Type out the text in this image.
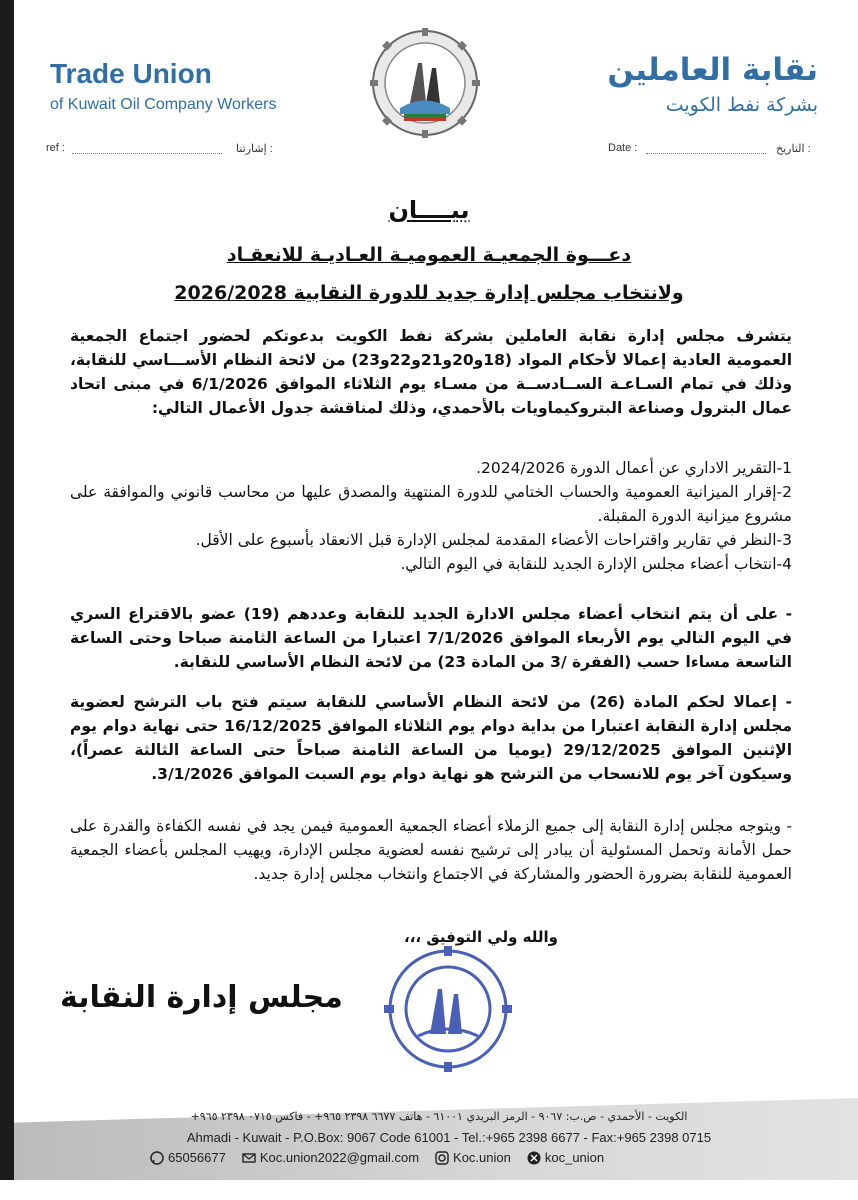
Trade Union
of Kuwait Oil Company Workers
نقابة العاملين
بشركة نفط الكويت
ref :	: إشارتنا	Date :	: التاريخ
بيــــان
دعـــوة الجمعيـة العموميـة العـاديـة للانعقـاد
ولانتخاب مجلس إدارة جديد للدورة النقابية 2026/2028
يتشرف مجلس إدارة نقابة العاملين بشركة نفط الكويت بدعوتكم لحضور اجتماع الجمعية العمومية العادية إعمالا لأحكام المواد (18و20و21و22و23) من لائحة النظام الأســـاسي للنقابة، وذلك في تمام السـاعـة الســادســة من مسـاء يوم الثلاثاء الموافق 6/1/2026 في مبنى اتحاد عمال البترول وصناعة البتروكيماويات بالأحمدي، وذلك لمناقشة جدول الأعمال التالي:

1-التقرير الاداري عن أعمال الدورة 2024/2026.

2-إقرار الميزانية العمومية والحساب الختامي للدورة المنتهية والمصدق عليها من محاسب قانوني والموافقة على مشروع ميزانية الدورة المقبلة.

3-النظر في تقارير واقتراحات الأعضاء المقدمة لمجلس الإدارة قبل الانعقاد بأسبوع على الأقل.

4-انتخاب أعضاء مجلس الإدارة الجديد للنقابة في اليوم التالي.

- على أن يتم انتخاب أعضاء مجلس الادارة الجديد للنقابة وعددهم (19) عضو بالاقتراع السري في اليوم التالي يوم الأربعاء الموافق 7/1/2026 اعتبارا من الساعة الثامنة صباحا وحتى الساعة التاسعة مساءا حسب (الفقرة /3 من المادة 23) من لائحة النظام الأساسي للنقابة.
- إعمالا لحكم المادة (26) من لائحة النظام الأساسي للنقابة سيتم فتح باب الترشح لعضوية مجلس إدارة النقابة اعتبارا من بداية دوام يوم الثلاثاء الموافق 16/12/2025 حتى نهاية دوام يوم الإثنين الموافق 29/12/2025 (يوميا من الساعة الثامنة صباحاً حتى الساعة الثالثة عصراً)، وسيكون آخر يوم للانسحاب من الترشح هو نهاية دوام يوم السبت الموافق 3/1/2026.
- ويتوجه مجلس إدارة النقابة إلى جميع الزملاء أعضاء الجمعية العمومية فيمن يجد في نفسه الكفاءة والقدرة على حمل الأمانة وتحمل المسئولية أن يبادر إلى ترشيح نفسه لعضوية مجلس الإدارة، ويهيب المجلس بأعضاء الجمعية العمومية للنقابة بضرورة الحضور والمشاركة في الاجتماع وانتخاب مجلس إدارة جديد.
والله ولي التوفيق ،،،
مجلس إدارة النقابة
الكويت - الأحمدي - ص.ب: ٩٠٦٧ - الرمز البريدي ٦١٠٠١ - هاتف ٦٦٧٧ ٢٣٩٨ ٩٦٥+ - فاكس ٠٧١٥ ٢٣٩٨ ٩٦٥+
Ahmadi - Kuwait - P.O.Box: 9067 Code 61001 - Tel.:+965 2398 6677 - Fax:+965 2398 0715
65056677	Koc.union2022@gmail.com	Koc.union	koc_union
